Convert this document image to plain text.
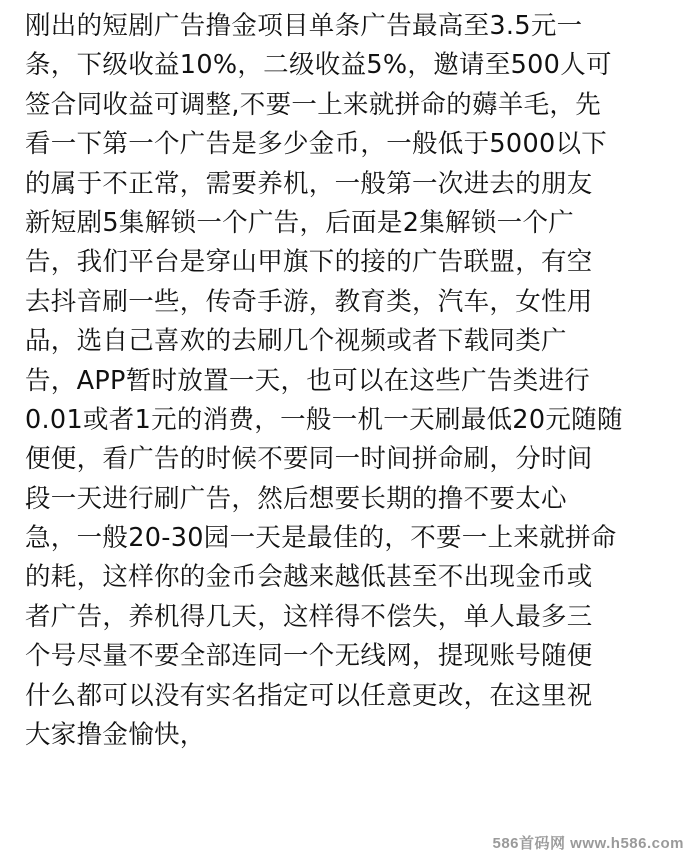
刚出的短剧广告撸金项目单条广告最高至3.5元一
条，下级收益10%，二级收益5%，邀请至500人可
签合同收益可调整,不要一上来就拼命的薅羊毛，先
看一下第一个广告是多少金币，一般低于5000以下
的属于不正常，需要养机，一般第一次进去的朋友
新短剧5集解锁一个广告，后面是2集解锁一个广
告，我们平台是穿山甲旗下的接的广告联盟，有空
去抖音刷一些，传奇手游，教育类，汽车，女性用
品，选自己喜欢的去刷几个视频或者下载同类广
告，APP暂时放置一天，也可以在这些广告类进行
0.01或者1元的消费，一般一机一天刷最低20元随随
便便，看广告的时候不要同一时间拼命刷，分时间
段一天进行刷广告，然后想要长期的撸不要太心
急，一般20-30园一天是最佳的，不要一上来就拼命
的耗，这样你的金币会越来越低甚至不出现金币或
者广告，养机得几天，这样得不偿失，单人最多三
个号尽量不要全部连同一个无线网，提现账号随便
什么都可以没有实名指定可以任意更改，在这里祝
大家撸金愉快，
586首码网 www.h586.com
